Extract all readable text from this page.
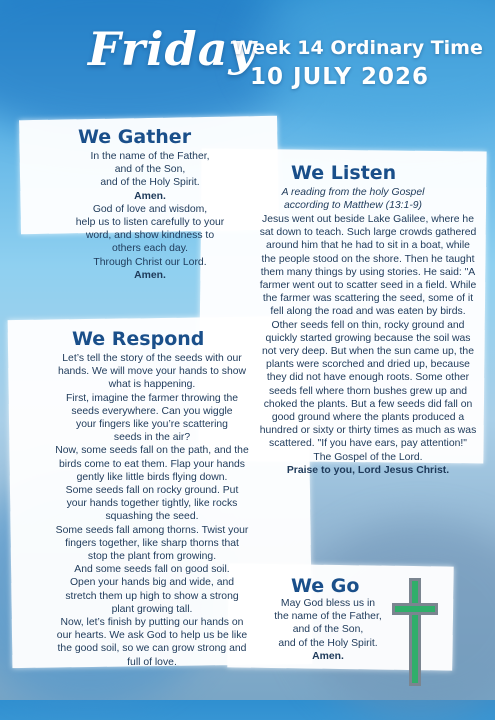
Friday
Week 14 Ordinary Time
10 JULY 2026
We Gather

In the name of the Father,

and of the Son,

and of the Holy Spirit.

Amen.

God of love and wisdom,

help us to listen carefully to your

word, and show kindness to

others each day.

Through Christ our Lord.

Amen.

We Listen

A reading from the holy Gospel

according to Matthew (13:1-9)

Jesus went out beside Lake Galilee, where he

sat down to teach. Such large crowds gathered

around him that he had to sit in a boat, while

the people stood on the shore. Then he taught

them many things by using stories. He said: "A

farmer went out to scatter seed in a field. While

the farmer was scattering the seed, some of it

fell along the road and was eaten by birds.

Other seeds fell on thin, rocky ground and

quickly started growing because the soil was

not very deep. But when the sun came up, the

plants were scorched and dried up, because

they did not have enough roots. Some other

seeds fell where thorn bushes grew up and

choked the plants. But a few seeds did fall on

good ground where the plants produced a

hundred or sixty or thirty times as much as was

scattered. "If you have ears, pay attention!"

The Gospel of the Lord.

Praise to you, Lord Jesus Christ.

We Respond

Let’s tell the story of the seeds with our

hands. We will move your hands to show

what is happening.

First, imagine the farmer throwing the

seeds everywhere. Can you wiggle

your fingers like you’re scattering

seeds in the air?

Now, some seeds fall on the path, and the

birds come to eat them. Flap your hands

gently like little birds flying down.

Some seeds fall on rocky ground. Put

your hands together tightly, like rocks

squashing the seed.

Some seeds fall among thorns. Twist your

fingers together, like sharp thorns that

stop the plant from growing.

And some seeds fall on good soil.

Open your hands big and wide, and

stretch them up high to show a strong

plant growing tall.

Now, let’s finish by putting our hands on

our hearts. We ask God to help us be like

the good soil, so we can grow strong and

full of love.

We Go

May God bless us in

the name of the Father,

and of the Son,

and of the Holy Spirit.

Amen.
